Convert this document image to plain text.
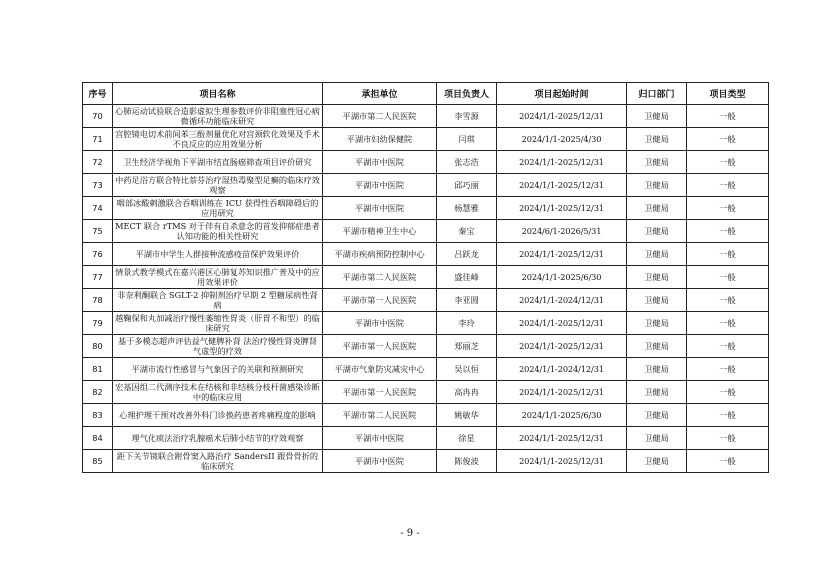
序号	项目名称	承担单位	项目负责人	项目起始时间	归口部门	项目类型
70	心肺运动试验联合造影虚拟生理参数评价非阻塞性冠心病微循环功能临床研究	平湖市第二人民医院	李雪源	2024/1/1-2025/12/31	卫健局	一般
71	宫腔镜电切术前间苯三酚剂量优化对宫颈软化效果及手术不良反应的应用效果分析	平湖市妇幼保健院	闫琪	2024/1/1-2025/4/30	卫健局	一般
72	卫生经济学视角下平湖市结直肠癌筛查项目评价研究	平湖市中医院	张志浩	2024/1/1-2025/12/31	卫健局	一般
73	中药足浴方联合特比萘芬治疗湿热毒聚型足癣的临床疗效观察	平湖市中医院	邱巧丽	2024/1/1-2025/12/31	卫健局	一般
74	咽部冰酸刺激联合吞咽训练在 ICU 获得性吞咽障碍后的应用研究	平湖市中医院	杨慧雅	2024/1/1-2025/12/31	卫健局	一般
75	MECT 联合 rTMS 对于伴有自杀意念的首发抑郁症患者认知功能的相关性研究	平湖市精神卫生中心	秦宝	2024/6/1-2026/5/31	卫健局	一般
76	平湖市中学生人群接种流感疫苗保护效果评价	平湖市疾病预防控制中心	吕跃龙	2024/1/1-2025/12/31	卫健局	一般
77	情景式教学模式在嘉兴港区心肺复苏知识推广普及中的应用效果评价	平湖市第二人民医院	盛佳峰	2024/1/1-2025/6/30	卫健局	一般
78	非奈利酮联合 SGLT-2 抑制剂治疗早期 2 型糖尿病性肾病	平湖市第一人民医院	李亚圆	2024/1/1-2024/12/31	卫健局	一般
79	越鞠保和丸加减治疗慢性萎缩性胃炎（肝胃不和型）的临床研究	平湖市中医院	李玲	2024/1/1-2025/12/31	卫健局	一般
80	基于多模态超声评估益气健脾补肾 法治疗慢性肾炎脾肾气虚型的疗效	平湖市第一人民医院	郑丽芝	2024/1/1-2025/12/31	卫健局	一般
81	平湖市流行性感冒与气象因子的关联和预测研究	平湖市气象防灾减灾中心	吴以恒	2024/1/1-2024/12/31	卫健局	一般
82	宏基因组二代测序技术在结核和非结核分枝杆菌感染诊断中的临床应用	平湖市第一人民医院	高冉冉	2024/1/1-2025/12/31	卫健局	一般
83	心理护理干预对改善外科门诊换药患者疼痛程度的影响	平湖市第二人民医院	姚敏华	2024/1/1-2025/6/30	卫健局	一般
84	理气化痰法治疗乳腺癌术后肺小结节的疗效观察	平湖市中医院	徐星	2024/1/1-2025/12/31	卫健局	一般
85	距下关节镜联合跗骨窦入路治疗 SandersII 跟骨骨折的临床研究	平湖市中医院	陈俊波	2024/1/1-2025/12/31	卫健局	一般
- 9 -
